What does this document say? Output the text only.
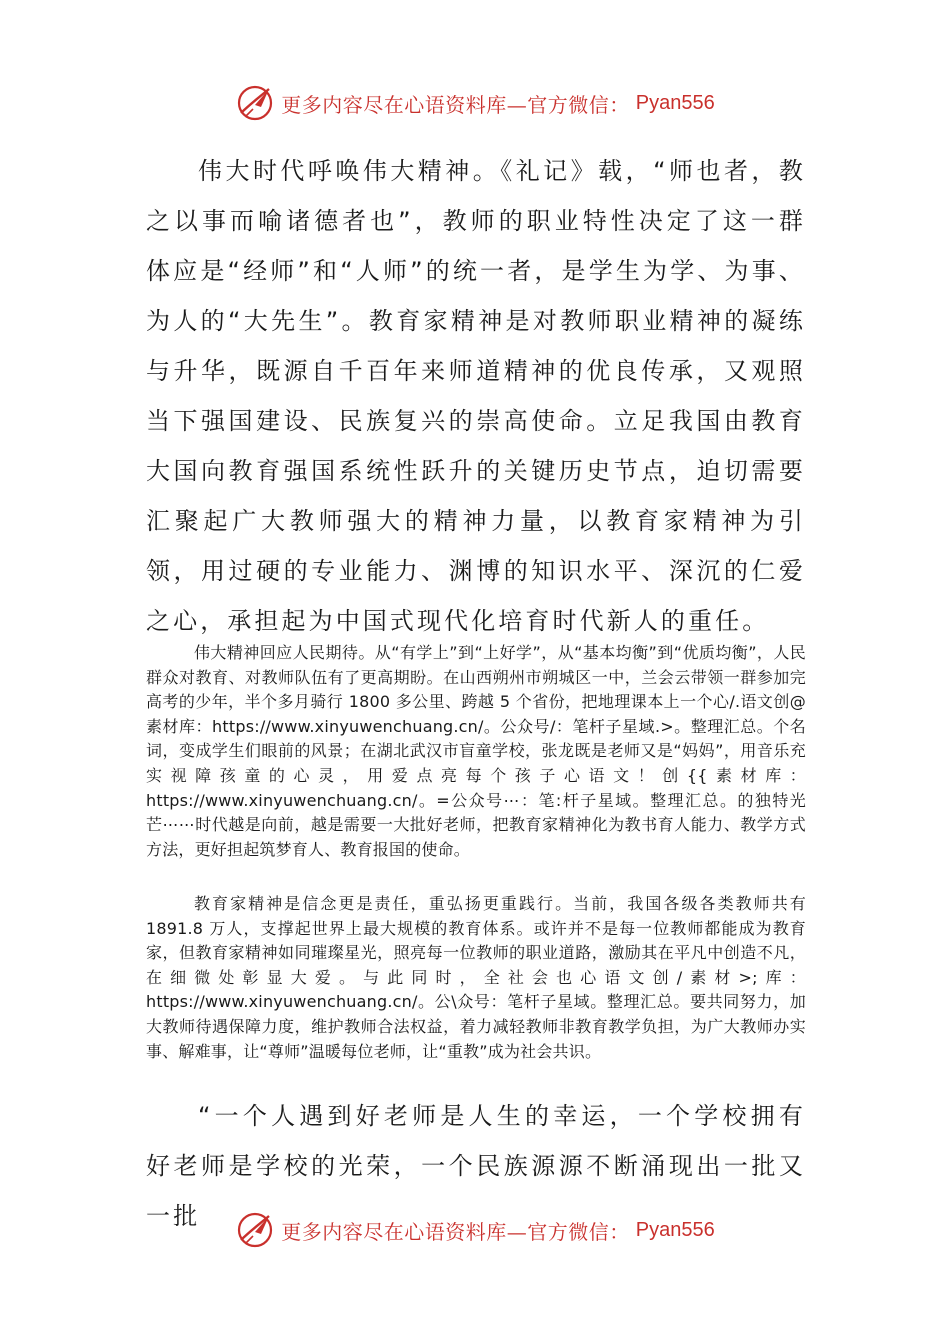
更多内容尽在心语资料库—官方微信： Pyan556

伟大时代呼唤伟大精神。《礼记》载，“师也者，教之以事而喻诸德者也”，教师的职业特性决定了这一群体应是“经师”和“人师”的统一者，是学生为学、为事、为人的“大先生”。教育家精神是对教师职业精神的凝练与升华，既源自千百年来师道精神的优良传承，又观照当下强国建设、民族复兴的崇高使命。立足我国由教育大国向教育强国系统性跃升的关键历史节点，迫切需要汇聚起广大教师强大的精神力量，以教育家精神为引领，用过硬的专业能力、渊博的知识水平、深沉的仁爱之心，承担起为中国式现代化培育时代新人的重任。

伟大精神回应人民期待。从“有学上”到“上好学”，从“基本均衡”到“优质均衡”，人民群众对教育、对教师队伍有了更高期盼。在山西朔州市朔城区一中，兰会云带领一群参加完高考的少年，半个多月骑行 1800 多公里、跨越 5 个省份，把地理课本上一个心/.语文创@素材库：https://www.xinyuwenchuang.cn/。公众号/：笔杆子星域.>。整理汇总。个名词，变成学生们眼前的风景；在湖北武汉市盲童学校，张龙既是老师又是“妈妈”，用音乐充实视障孩童的心灵，用爱点亮每个孩子心语文！创{{素材库：https://www.xinyuwenchuang.cn/。=公众号⋯：笔:杆子星域。整理汇总。的独特光芒⋯⋯时代越是向前，越是需要一大批好老师，把教育家精神化为教书育人能力、教学方式方法，更好担起筑梦育人、教育报国的使命。

教育家精神是信念更是责任，重弘扬更重践行。当前，我国各级各类教师共有 1891.8 万人，支撑起世界上最大规模的教育体系。或许并不是每一位教师都能成为教育家，但教育家精神如同璀璨星光，照亮每一位教师的职业道路，激励其在平凡中创造不凡，在细微处彰显大爱。与此同时，全社会也心语文创/素材>;库：https://www.xinyuwenchuang.cn/。公\众号：笔杆子星域。整理汇总。要共同努力，加大教师待遇保障力度，维护教师合法权益，着力减轻教师非教育教学负担，为广大教师办实事、解难事，让“尊师”温暖每位老师，让“重教”成为社会共识。

“一个人遇到好老师是人生的幸运，一个学校拥有好老师是学校的光荣，一个民族源源不断涌现出一批又一批

更多内容尽在心语资料库—官方微信： Pyan556
